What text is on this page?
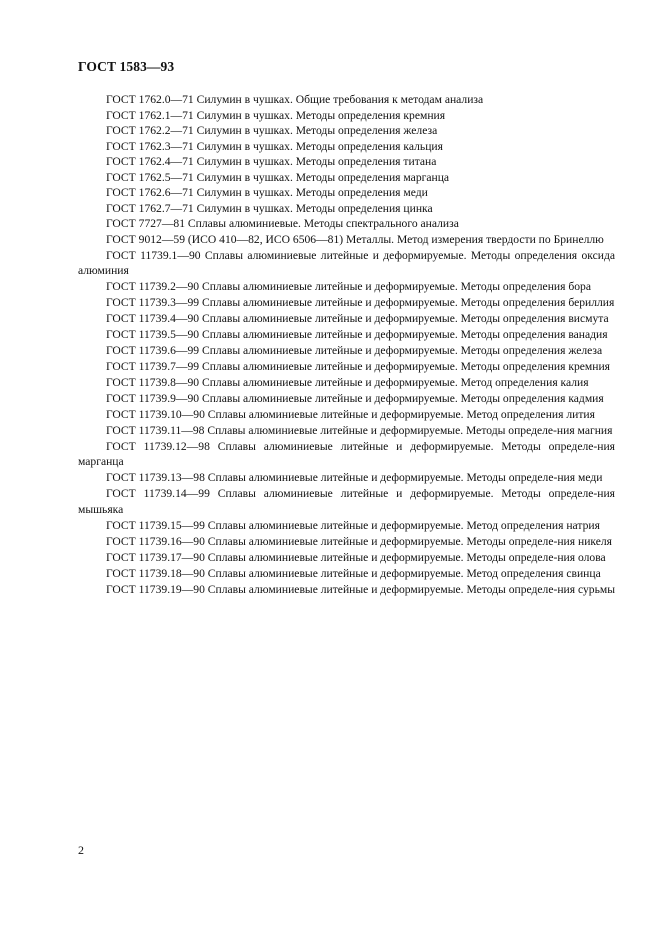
ГОСТ 1583—93
ГОСТ 1762.0—71 Силумин в чушках. Общие требования к методам анализа
ГОСТ 1762.1—71 Силумин в чушках. Методы определения кремния
ГОСТ 1762.2—71 Силумин в чушках. Методы определения железа
ГОСТ 1762.3—71 Силумин в чушках. Методы определения кальция
ГОСТ 1762.4—71 Силумин в чушках. Методы определения титана
ГОСТ 1762.5—71 Силумин в чушках. Методы определения марганца
ГОСТ 1762.6—71 Силумин в чушках. Методы определения меди
ГОСТ 1762.7—71 Силумин в чушках. Методы определения цинка
ГОСТ 7727—81 Сплавы алюминиевые. Методы спектрального анализа
ГОСТ 9012—59 (ИСО 410—82, ИСО 6506—81) Металлы. Метод измерения твердости по Бринеллю
ГОСТ 11739.1—90 Сплавы алюминиевые литейные и деформируемые. Методы определения оксида алюминия
ГОСТ 11739.2—90 Сплавы алюминиевые литейные и деформируемые. Методы определения бора
ГОСТ 11739.3—99 Сплавы алюминиевые литейные и деформируемые. Методы определения бериллия
ГОСТ 11739.4—90 Сплавы алюминиевые литейные и деформируемые. Методы определения висмута
ГОСТ 11739.5—90 Сплавы алюминиевые литейные и деформируемые. Методы определения ванадия
ГОСТ 11739.6—99 Сплавы алюминиевые литейные и деформируемые. Методы определения железа
ГОСТ 11739.7—99 Сплавы алюминиевые литейные и деформируемые. Методы определения кремния
ГОСТ 11739.8—90 Сплавы алюминиевые литейные и деформируемые. Метод определения калия
ГОСТ 11739.9—90 Сплавы алюминиевые литейные и деформируемые. Методы определения кадмия
ГОСТ 11739.10—90 Сплавы алюминиевые литейные и деформируемые. Метод определения лития
ГОСТ 11739.11—98 Сплавы алюминиевые литейные и деформируемые. Методы определе-ния магния
ГОСТ 11739.12—98 Сплавы алюминиевые литейные и деформируемые. Методы определе-ния марганца
ГОСТ 11739.13—98 Сплавы алюминиевые литейные и деформируемые. Методы определе-ния меди
ГОСТ 11739.14—99 Сплавы алюминиевые литейные и деформируемые. Методы определе-ния мышьяка
ГОСТ 11739.15—99 Сплавы алюминиевые литейные и деформируемые. Метод определения натрия
ГОСТ 11739.16—90 Сплавы алюминиевые литейные и деформируемые. Методы определе-ния никеля
ГОСТ 11739.17—90 Сплавы алюминиевые литейные и деформируемые. Методы определе-ния олова
ГОСТ 11739.18—90 Сплавы алюминиевые литейные и деформируемые. Метод определения свинца
ГОСТ 11739.19—90 Сплавы алюминиевые литейные и деформируемые. Методы определе-ния сурьмы
2
